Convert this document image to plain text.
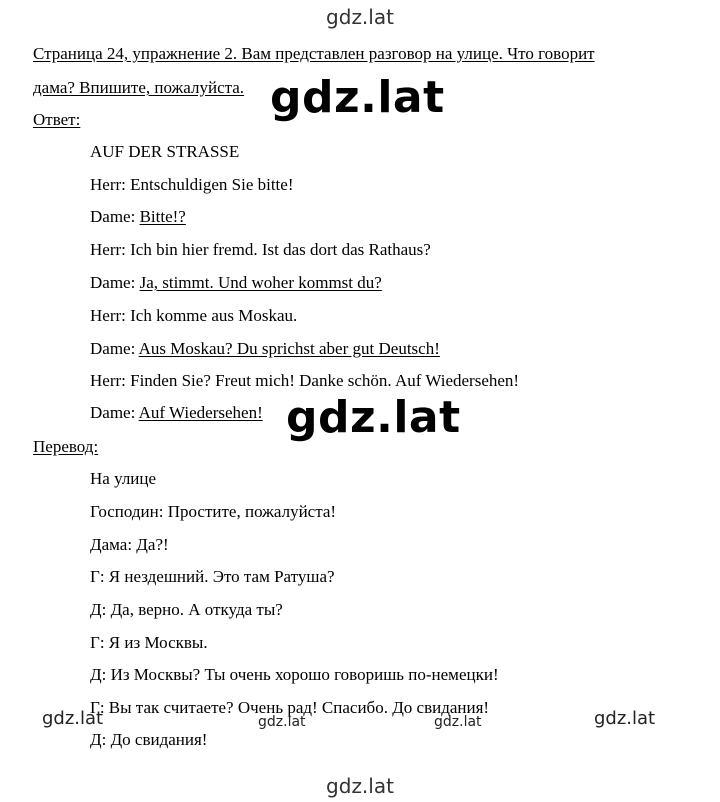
Страница 24, упражнение 2. Вам представлен разговор на улице. Что говорит
дама? Впишите, пожалуйста.
Ответ:
AUF DER STRASSE
Herr: Entschuldigen Sie bitte!
Dame: Bitte!?
Herr: Ich bin hier fremd. Ist das dort das Rathaus?
Dame: Ja, stimmt. Und woher kommst du?
Herr: Ich komme aus Moskau.
Dame: Aus Moskau? Du sprichst aber gut Deutsch!
Herr: Finden Sie? Freut mich! Danke schön. Auf Wiedersehen!
Dame: Auf Wiedersehen!
Перевод:
На улице
Господин: Простите, пожалуйста!
Дама: Да?!
Г: Я нездешний. Это там Ратуша?
Д: Да, верно. А откуда ты?
Г: Я из Москвы.
Д: Из Москвы? Ты очень хорошо говоришь по-немецки!
Г: Вы так считаете? Очень рад! Спасибо. До свидания!
Д: До свидания!
gdz.lat
gdz.lat
gdz.lat
gdz.lat	gdz.lat	gdz.lat	gdz.lat
gdz.lat
